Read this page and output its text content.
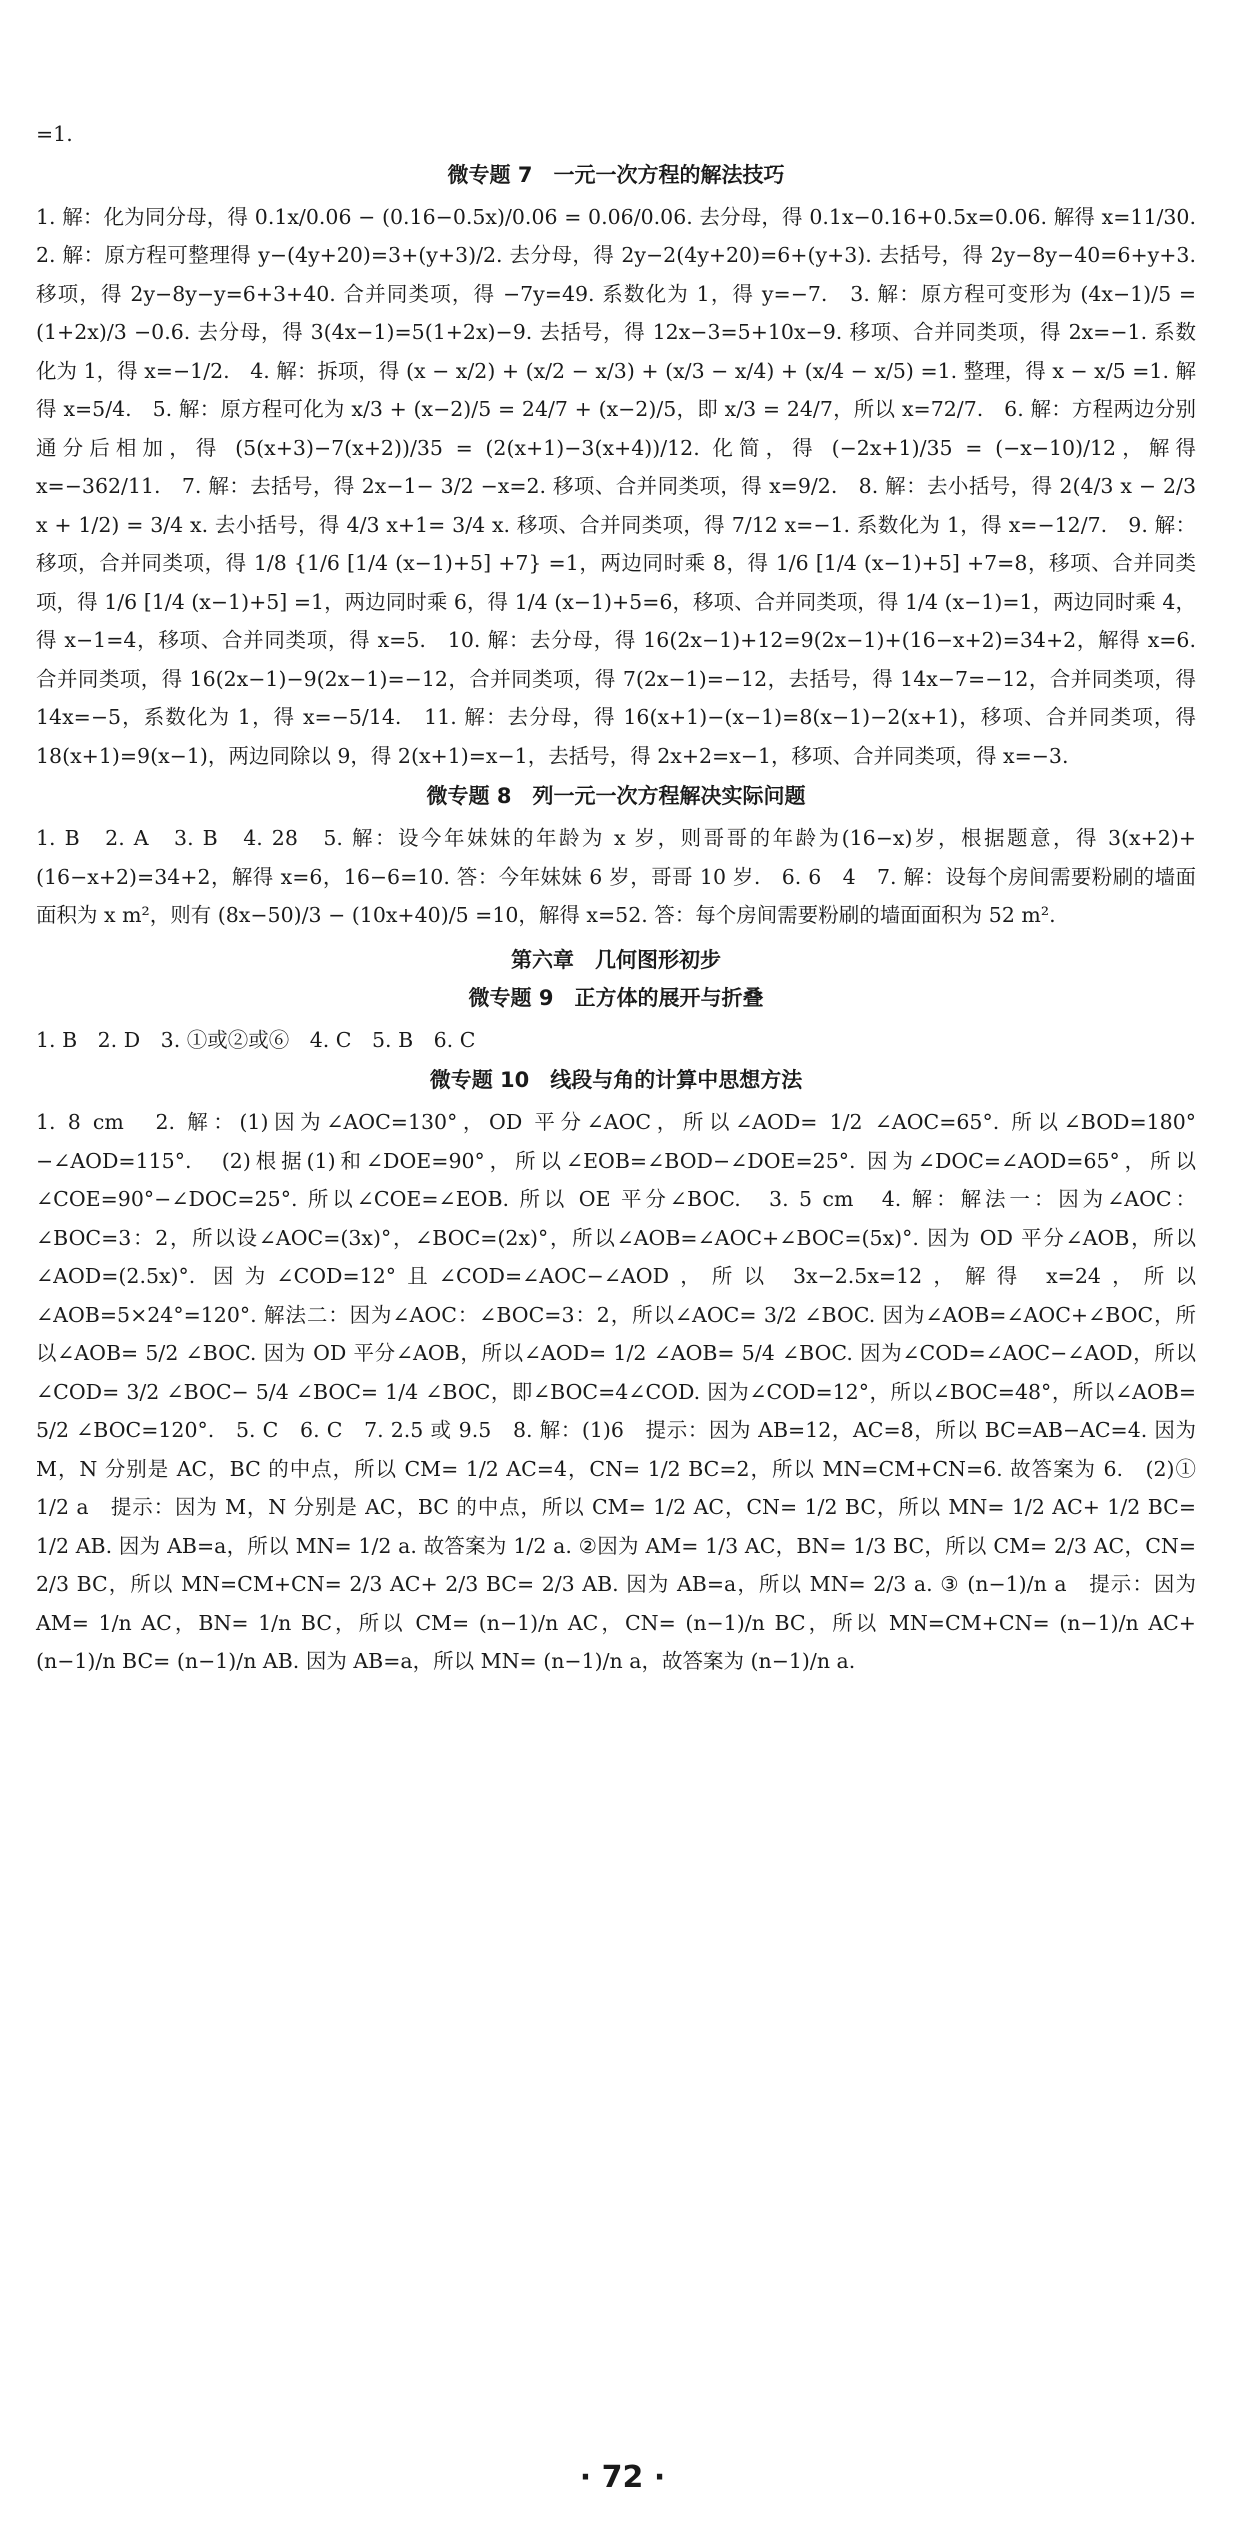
=1.

微专题 7　一元一次方程的解法技巧

1. 解：化为同分母，得 0.1x/0.06 − (0.16−0.5x)/0.06 = 0.06/0.06. 去分母，得 0.1x−0.16+0.5x=0.06. 解得 x=11/30.　2. 解：原方程可整理得 y−(4y+20)=3+(y+3)/2. 去分母，得 2y−2(4y+20)=6+(y+3). 去括号，得 2y−8y−40=6+y+3. 移项，得 2y−8y−y=6+3+40. 合并同类项，得 −7y=49. 系数化为 1，得 y=−7.　3. 解：原方程可变形为 (4x−1)/5 = (1+2x)/3 −0.6. 去分母，得 3(4x−1)=5(1+2x)−9. 去括号，得 12x−3=5+10x−9. 移项、合并同类项，得 2x=−1. 系数化为 1，得 x=−1/2.　4. 解：拆项，得 (x − x/2) + (x/2 − x/3) + (x/3 − x/4) + (x/4 − x/5) =1. 整理，得 x − x/5 =1. 解得 x=5/4.　5. 解：原方程可化为 x/3 + (x−2)/5 = 24/7 + (x−2)/5，即 x/3 = 24/7，所以 x=72/7.　6. 解：方程两边分别通分后相加，得 (5(x+3)−7(x+2))/35 = (2(x+1)−3(x+4))/12. 化简，得 (−2x+1)/35 = (−x−10)/12，解得 x=−362/11.　7. 解：去括号，得 2x−1− 3/2 −x=2. 移项、合并同类项，得 x=9/2.　8. 解：去小括号，得 2(4/3 x − 2/3 x + 1/2) = 3/4 x. 去小括号，得 4/3 x+1= 3/4 x. 移项、合并同类项，得 7/12 x=−1. 系数化为 1，得 x=−12/7.　9. 解：移项，合并同类项，得 1/8 {1/6 [1/4 (x−1)+5] +7} =1，两边同时乘 8，得 1/6 [1/4 (x−1)+5] +7=8，移项、合并同类项，得 1/6 [1/4 (x−1)+5] =1，两边同时乘 6，得 1/4 (x−1)+5=6，移项、合并同类项，得 1/4 (x−1)=1，两边同时乘 4，得 x−1=4，移项、合并同类项，得 x=5.　10. 解：去分母，得 16(2x−1)+12=9(2x−1)+(16−x+2)=34+2，解得 x=6. 合并同类项，得 16(2x−1)−9(2x−1)=−12，合并同类项，得 7(2x−1)=−12，去括号，得 14x−7=−12，合并同类项，得 14x=−5，系数化为 1，得 x=−5/14.　11. 解：去分母，得 16(x+1)−(x−1)=8(x−1)−2(x+1)，移项、合并同类项，得 18(x+1)=9(x−1)，两边同除以 9，得 2(x+1)=x−1，去括号，得 2x+2=x−1，移项、合并同类项，得 x=−3.

微专题 8　列一元一次方程解决实际问题

1. B　2. A　3. B　4. 28　5. 解：设今年妹妹的年龄为 x 岁，则哥哥的年龄为(16−x)岁，根据题意，得 3(x+2)+(16−x+2)=34+2，解得 x=6，16−6=10. 答：今年妹妹 6 岁，哥哥 10 岁.　6. 6　4　7. 解：设每个房间需要粉刷的墙面面积为 x m²，则有 (8x−50)/3 − (10x+40)/5 =10，解得 x=52. 答：每个房间需要粉刷的墙面面积为 52 m².

第六章　几何图形初步
微专题 9　正方体的展开与折叠

1. B　2. D　3. ①或②或⑥　4. C　5. B　6. C

微专题 10　线段与角的计算中思想方法

1. 8 cm　2. 解：(1)因为∠AOC=130°，OD 平分∠AOC，所以∠AOD= 1/2 ∠AOC=65°. 所以∠BOD=180°−∠AOD=115°.　(2)根据(1)和∠DOE=90°，所以∠EOB=∠BOD−∠DOE=25°. 因为∠DOC=∠AOD=65°，所以∠COE=90°−∠DOC=25°. 所以∠COE=∠EOB. 所以 OE 平分∠BOC.　3. 5 cm　4. 解：解法一：因为∠AOC：∠BOC=3：2，所以设∠AOC=(3x)°，∠BOC=(2x)°，所以∠AOB=∠AOC+∠BOC=(5x)°. 因为 OD 平分∠AOB，所以∠AOD=(2.5x)°. 因为∠COD=12°且∠COD=∠AOC−∠AOD，所以 3x−2.5x=12，解得 x=24，所以∠AOB=5×24°=120°. 解法二：因为∠AOC：∠BOC=3：2，所以∠AOC= 3/2 ∠BOC. 因为∠AOB=∠AOC+∠BOC，所以∠AOB= 5/2 ∠BOC. 因为 OD 平分∠AOB，所以∠AOD= 1/2 ∠AOB= 5/4 ∠BOC. 因为∠COD=∠AOC−∠AOD，所以∠COD= 3/2 ∠BOC− 5/4 ∠BOC= 1/4 ∠BOC，即∠BOC=4∠COD. 因为∠COD=12°，所以∠BOC=48°，所以∠AOB= 5/2 ∠BOC=120°.　5. C　6. C　7. 2.5 或 9.5　8. 解：(1)6　提示：因为 AB=12，AC=8，所以 BC=AB−AC=4. 因为 M，N 分别是 AC，BC 的中点，所以 CM= 1/2 AC=4，CN= 1/2 BC=2，所以 MN=CM+CN=6. 故答案为 6.　(2)① 1/2 a　提示：因为 M，N 分别是 AC，BC 的中点，所以 CM= 1/2 AC，CN= 1/2 BC，所以 MN= 1/2 AC+ 1/2 BC= 1/2 AB. 因为 AB=a，所以 MN= 1/2 a. 故答案为 1/2 a. ②因为 AM= 1/3 AC，BN= 1/3 BC，所以 CM= 2/3 AC，CN= 2/3 BC，所以 MN=CM+CN= 2/3 AC+ 2/3 BC= 2/3 AB. 因为 AB=a，所以 MN= 2/3 a. ③ (n−1)/n a　提示：因为 AM= 1/n AC，BN= 1/n BC，所以 CM= (n−1)/n AC，CN= (n−1)/n BC，所以 MN=CM+CN= (n−1)/n AC+ (n−1)/n BC= (n−1)/n AB. 因为 AB=a，所以 MN= (n−1)/n a，故答案为 (n−1)/n a.

· 72 ·
